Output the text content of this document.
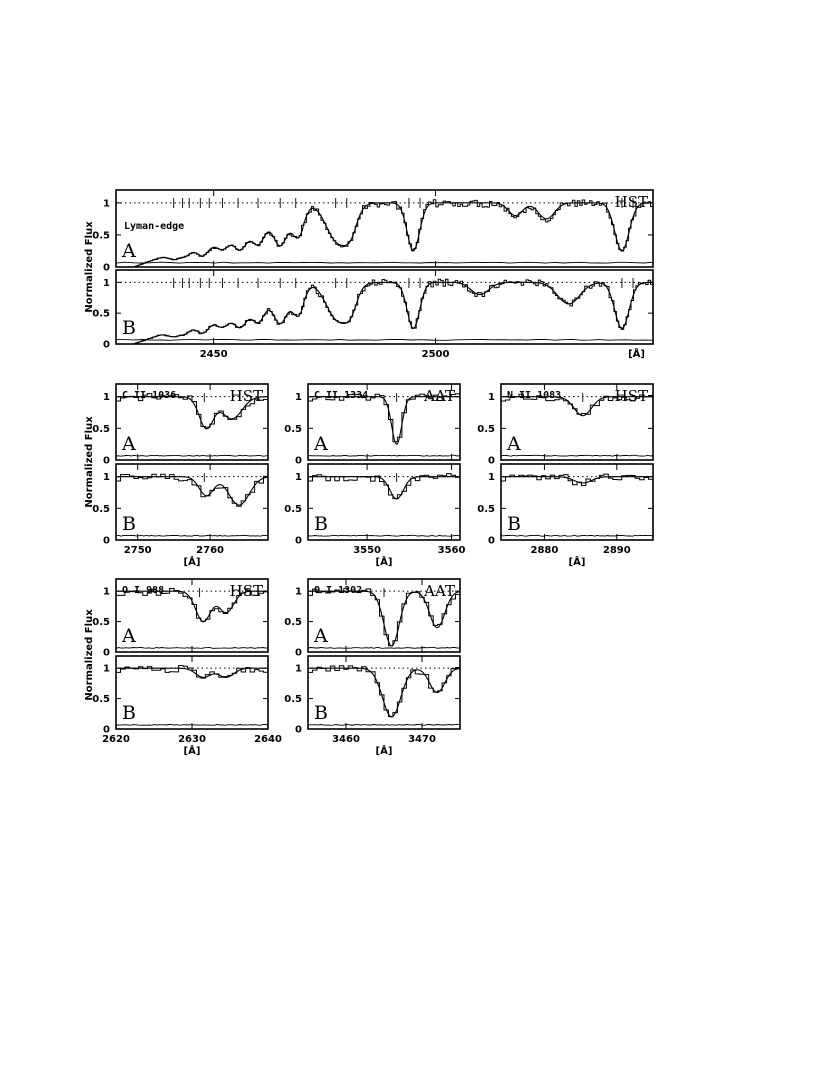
2450	2500	[Å]
HST
Lyman-edge
0
0.5
1
A
0
0.5
1
B
2750	2760
[Å]
HST
C II 1036
0
0.5
1
A
0
0.5
1
B
3550	3560
[Å]
AAT
C II 1334
0
0.5
1
A
0
0.5
1
B
2880	2890
[Å]
HST
N II 1083
0
0.5
1
A
0
0.5
1
B
2620	2630	2640
[Å]
HST
O I 988
0
0.5
1
A
0
0.5
1
B
3460	3470
[Å]
AAT
O I 1302
0
0.5
1
A
0
0.5
1
B
Normalized Flux
Normalized Flux
Normalized Flux
